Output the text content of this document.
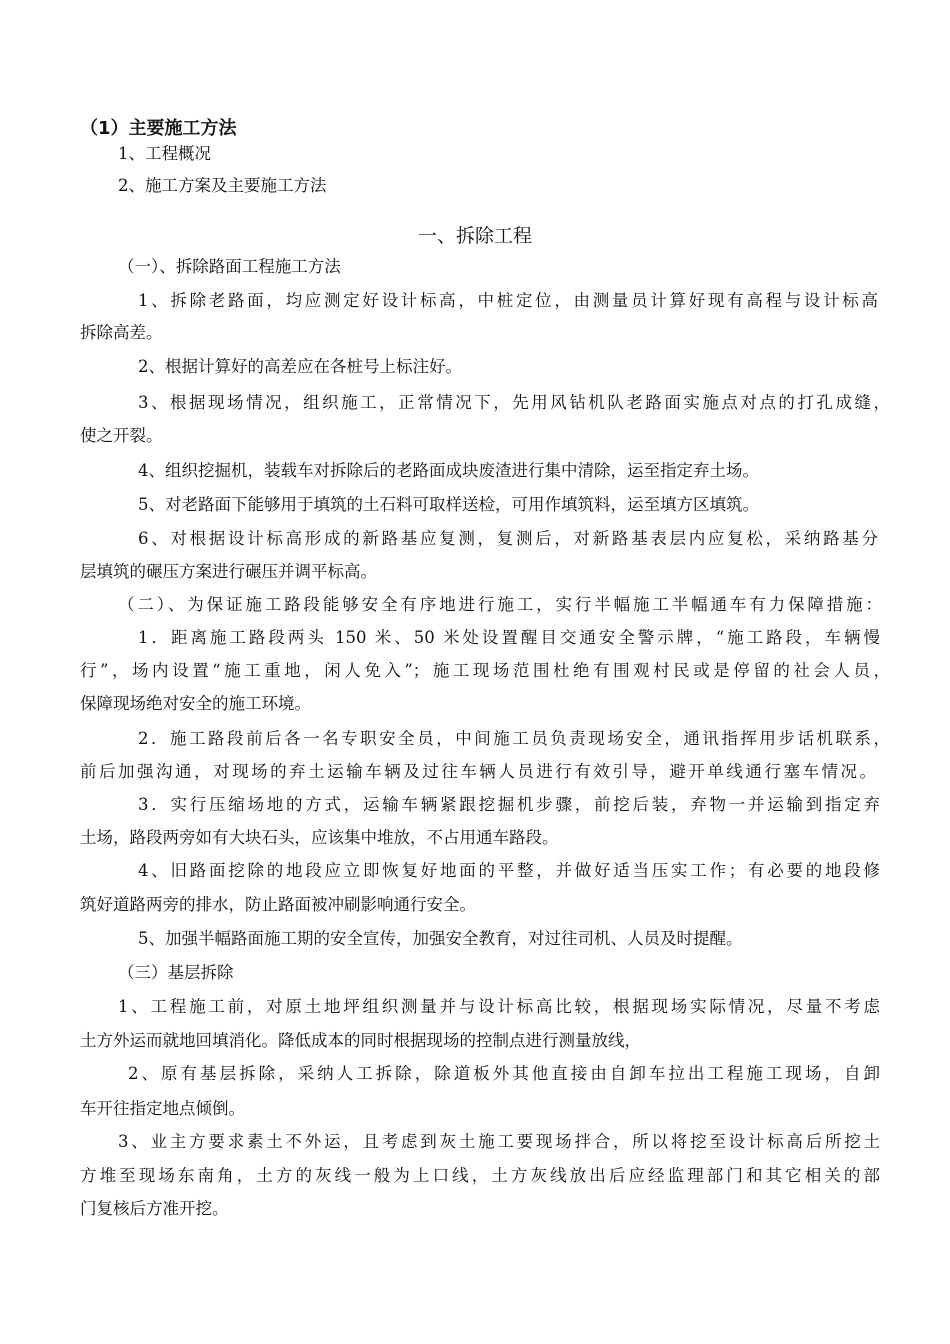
（1）主要施工方法
1、工程概况
2、施工方案及主要施工方法
一、拆除工程
（一）、拆除路面工程施工方法
1、拆除老路面，均应测定好设计标高，中桩定位，由测量员计算好现有高程与设计标高
拆除高差。
2、根据计算好的高差应在各桩号上标注好。
3、根据现场情况，组织施工，正常情况下，先用风钻机队老路面实施点对点的打孔成缝，
使之开裂。
4、组织挖掘机，装载车对拆除后的老路面成块废渣进行集中清除，运至指定弃土场。
5、对老路面下能够用于填筑的土石料可取样送检，可用作填筑料，运至填方区填筑。
6、对根据设计标高形成的新路基应复测，复测后，对新路基表层内应复松，采纳路基分
层填筑的碾压方案进行碾压并调平标高。
（二）、为保证施工路段能够安全有序地进行施工，实行半幅施工半幅通车有力保障措施：
1．距离施工路段两头 150 米、50 米处设置醒目交通安全警示牌，“施工路段，车辆慢
行”，场内设置“施工重地，闲人免入”；施工现场范围杜绝有围观村民或是停留的社会人员，
保障现场绝对安全的施工环境。
2．施工路段前后各一名专职安全员，中间施工员负责现场安全，通讯指挥用步话机联系，
前后加强沟通，对现场的弃土运输车辆及过往车辆人员进行有效引导，避开单线通行塞车情况。
3．实行压缩场地的方式，运输车辆紧跟挖掘机步骤，前挖后装，弃物一并运输到指定弃
土场，路段两旁如有大块石头，应该集中堆放，不占用通车路段。
4、旧路面挖除的地段应立即恢复好地面的平整，并做好适当压实工作；有必要的地段修
筑好道路两旁的排水，防止路面被冲刷影响通行安全。
5、加强半幅路面施工期的安全宣传，加强安全教育，对过往司机、人员及时提醒。
（三）基层拆除
1、工程施工前，对原土地坪组织测量并与设计标高比较，根据现场实际情况，尽量不考虑
土方外运而就地回填消化。降低成本的同时根据现场的控制点进行测量放线，
2、原有基层拆除，采纳人工拆除，除道板外其他直接由自卸车拉出工程施工现场，自卸
车开往指定地点倾倒。
3、业主方要求素土不外运，且考虑到灰土施工要现场拌合，所以将挖至设计标高后所挖土
方堆至现场东南角，土方的灰线一般为上口线，土方灰线放出后应经监理部门和其它相关的部
门复核后方准开挖。
